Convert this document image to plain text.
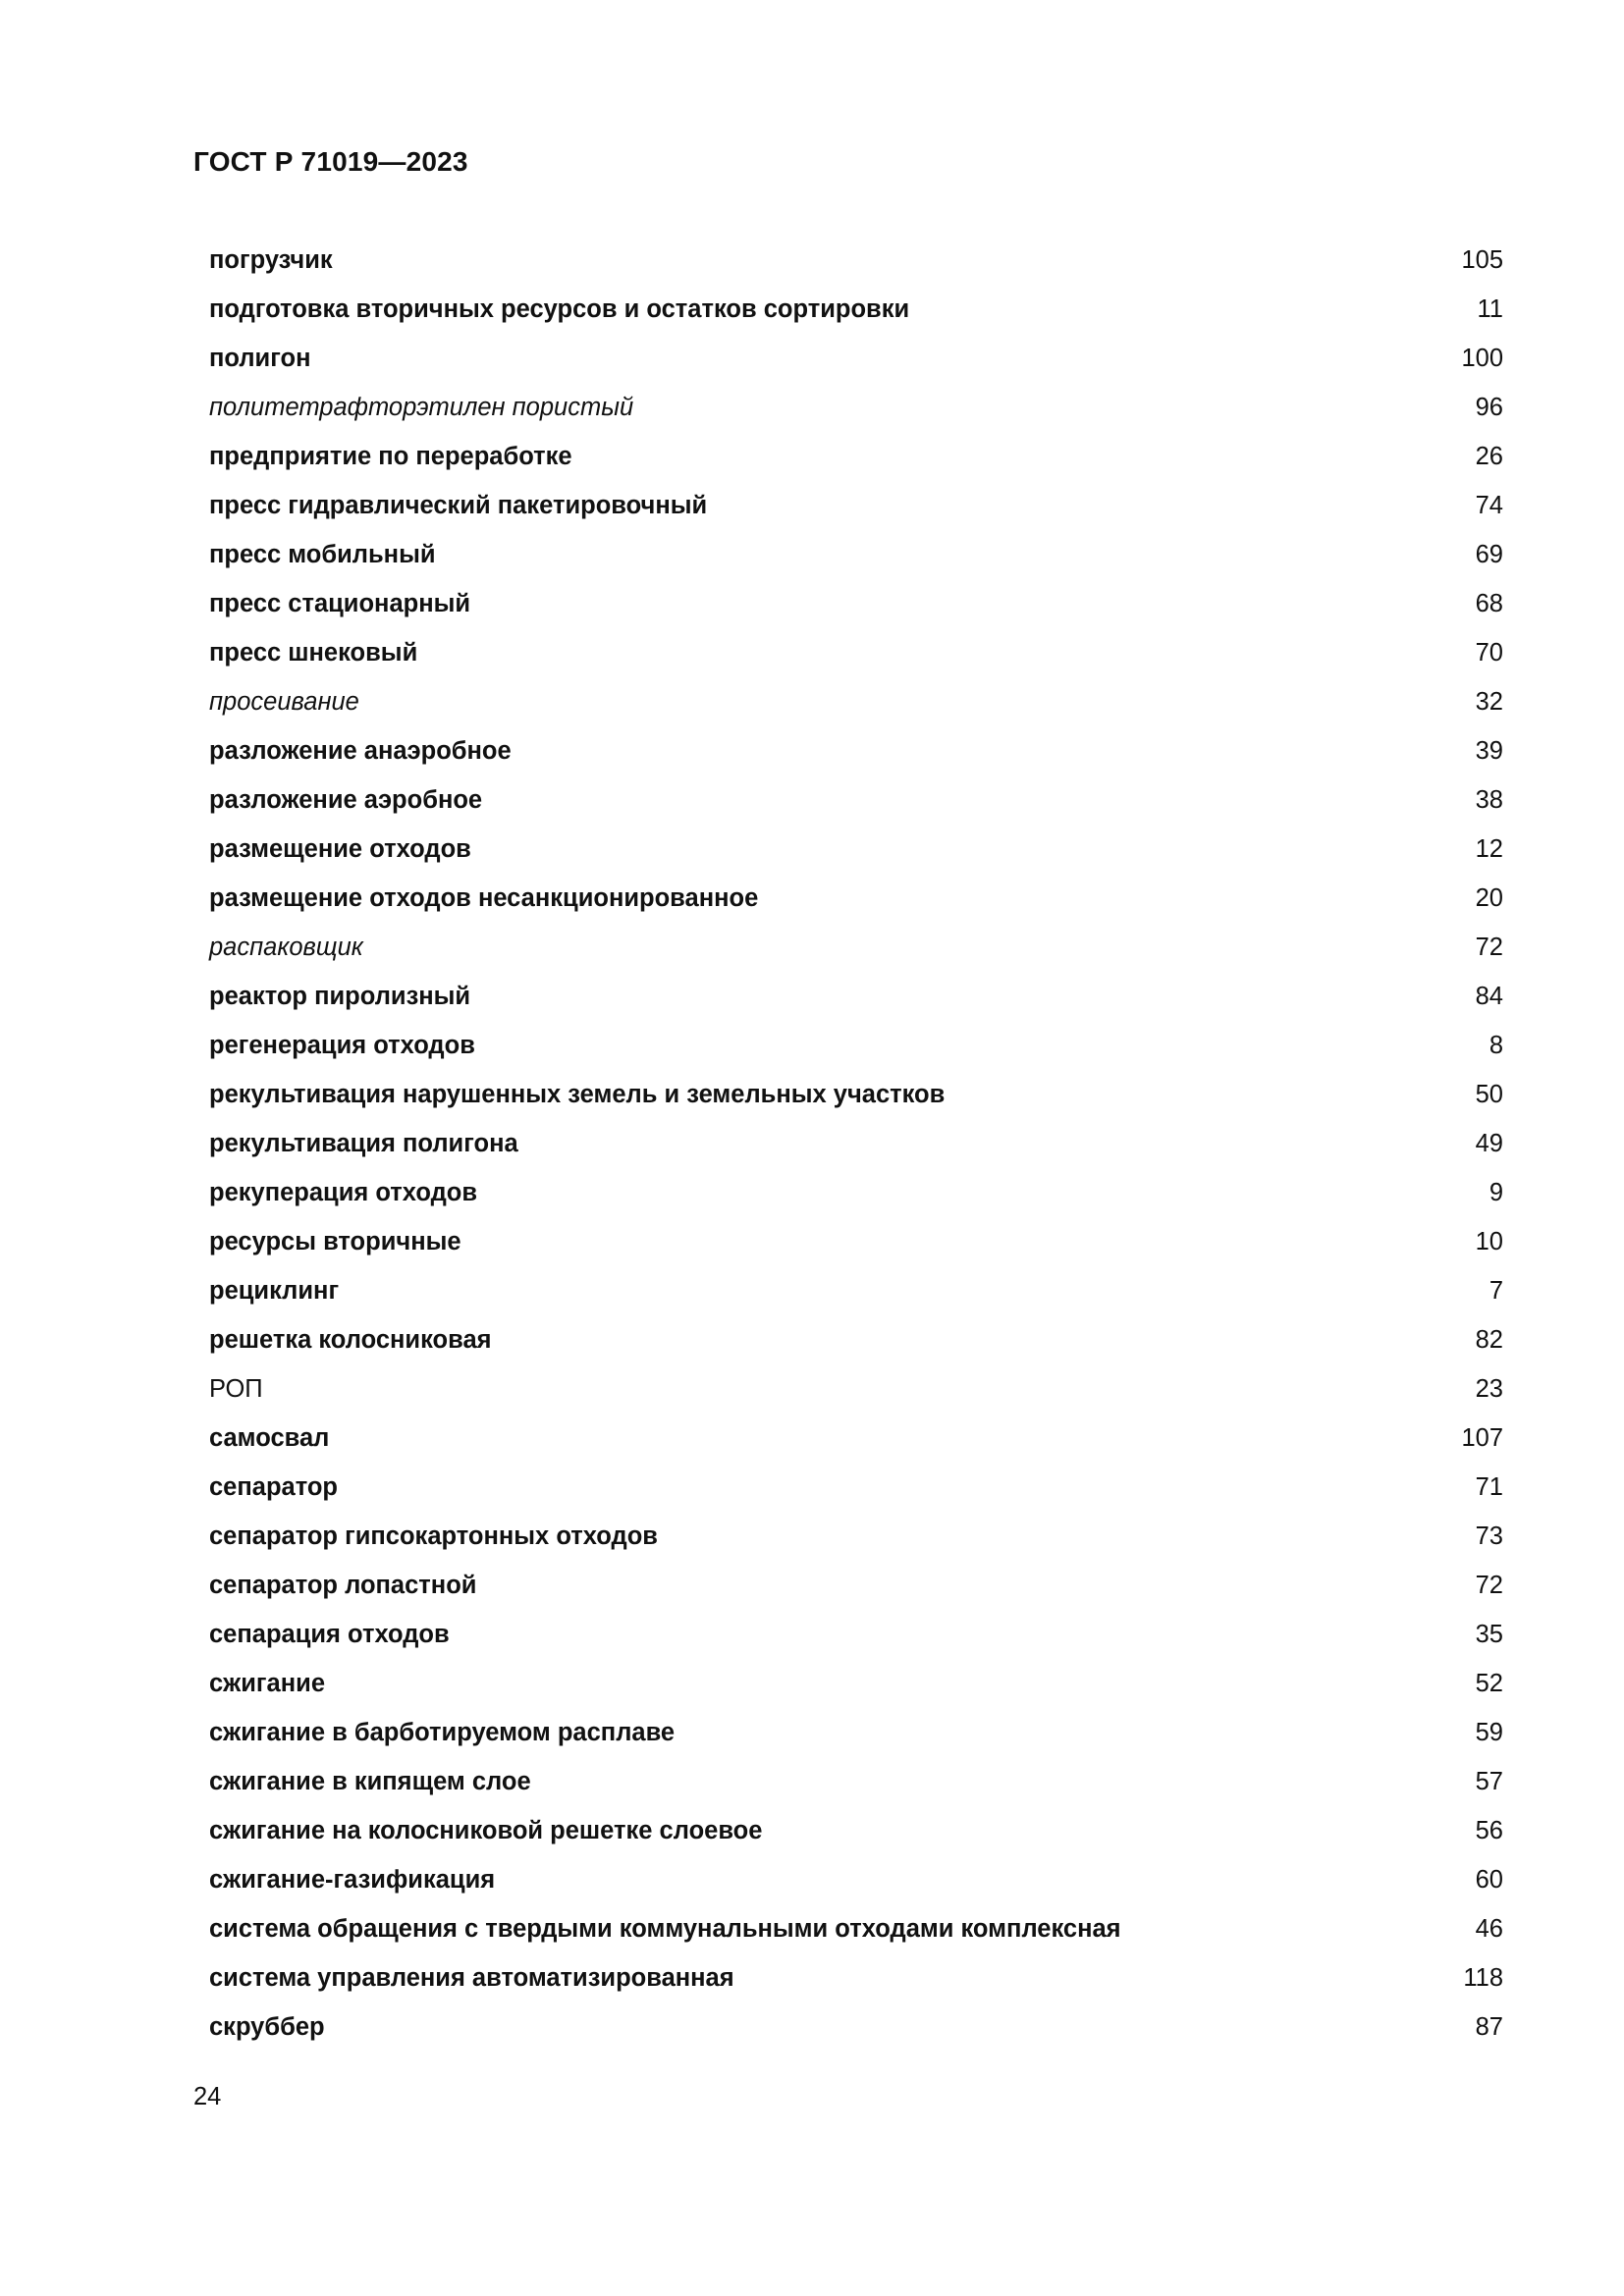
ГОСТ Р 71019—2023
погрузчик	105
подготовка вторичных ресурсов и остатков сортировки	11
полигон	100
политетрафторэтилен пористый	96
предприятие по переработке	26
пресс гидравлический пакетировочный	74
пресс мобильный	69
пресс стационарный	68
пресс шнековый	70
просеивание	32
разложение анаэробное	39
разложение аэробное	38
размещение отходов	12
размещение отходов несанкционированное	20
распаковщик	72
реактор пиролизный	84
регенерация отходов	8
рекультивация нарушенных земель и земельных участков	50
рекультивация полигона	49
рекуперация отходов	9
ресурсы вторичные	10
рециклинг	7
решетка колосниковая	82
РОП	23
самосвал	107
сепаратор	71
сепаратор гипсокартонных отходов	73
сепаратор лопастной	72
сепарация отходов	35
сжигание	52
сжигание в барботируемом расплаве	59
сжигание в кипящем слое	57
сжигание на колосниковой решетке слоевое	56
сжигание-газификация	60
система обращения с твердыми коммунальными отходами комплексная	46
система управления автоматизированная	118
скруббер	87
24
